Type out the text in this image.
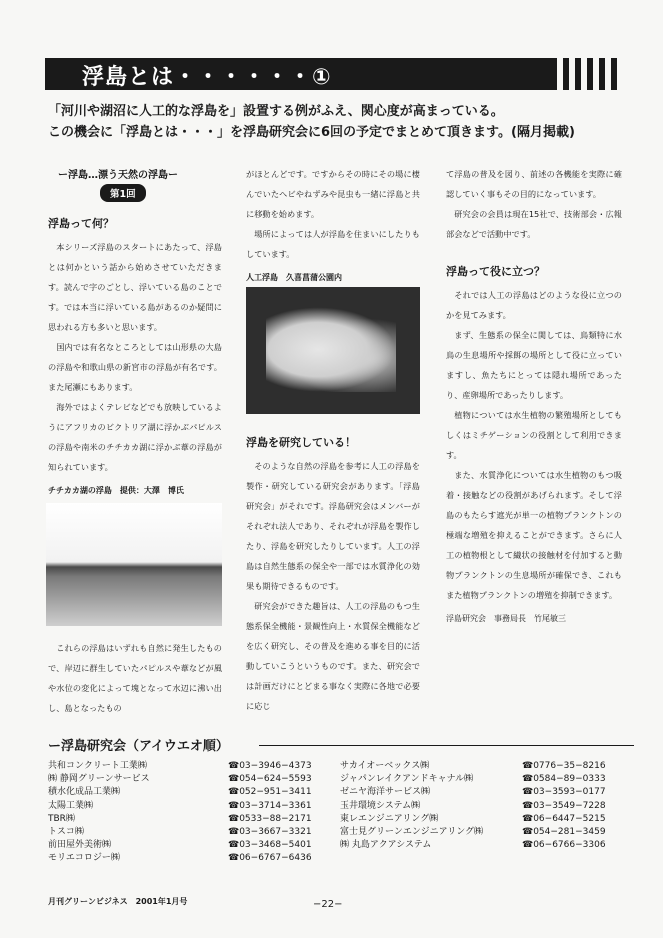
浮島とは・・・・・・①
「河川や湖沼に人工的な浮島を」設置する例がふえ、関心度が高まっている。
この機会に「浮島とは・・・」を浮島研究会に6回の予定でまとめて頂きます。(隔月掲載)
ー浮島…漂う天然の浮島ー
第1回
浮島って何？

本シリーズ浮島のスタートにあたって、浮島とは何かという話から始めさせていただきます。読んで字のごとし、浮いている島のことです。では本当に浮いている島があるのか疑問に思われる方も多いと思います。

国内では有名なところとしては山形県の大島の浮島や和歌山県の新宮市の浮島が有名です。また尾瀬にもあります。

海外ではよくテレビなどでも放映しているようにアフリカのビクトリア湖に浮かぶパピルスの浮島や南米のチチカカ湖に浮かぶ葦の浮島が知られています。

チチカカ湖の浮島　提供：大澤　博氏

これらの浮島はいずれも自然に発生したもので、岸辺に群生していたパピルスや葦などが風や水位の変化によって塊となって水辺に沸い出し、島となったもの

がほとんどです。ですからその時にその場に棲んでいたヘビやねずみや昆虫も一緒に浮島と共に移動を始めます。

場所によっては人が浮島を住まいにしたりもしています。

人工浮島　久喜菖蒲公園内
浮島を研究している！

そのような自然の浮島を参考に人工の浮島を製作・研究している研究会があります。「浮島研究会」がそれです。浮島研究会はメンバーがそれぞれ法人であり、それぞれが浮島を製作したり、浮島を研究したりしています。人工の浮島は自然生態系の保全や一部では水質浄化の効果も期待できるものです。

研究会ができた趣旨は、人工の浮島のもつ生態系保全機能・景観性向上・水質保全機能などを広く研究し、その普及を進める事を目的に活動していこうというものです。また、研究会では計画だけにとどまる事なく実際に各地で必要に応じ

て浮島の普及を図り、前述の各機能を実際に確認していく事もその目的になっています。

研究会の会員は現在15社で、技術部会・広報部会などで活動中です。

浮島って役に立つ？

それでは人工の浮島はどのような役に立つのかを見てみます。

まず、生態系の保全に関しては、鳥類特に水鳥の生息場所や採餌の場所として役に立っていますし、魚たちにとっては隠れ場所であったり、産卵場所であったりします。

植物については水生植物の繁殖場所としてもしくはミチゲーションの役割として利用できます。

また、水質浄化については水生植物のもつ吸着・接触などの役割があげられます。そして浮島のもたらす遮光が単一の植物プランクトンの極端な増殖を抑えることができます。さらに人工の植物根として繊状の接触材を付加すると動物プランクトンの生息場所が確保でき、これもまた植物プランクトンの増殖を抑制できます。

浮島研究会　事務局長　竹尾敏三
ー浮島研究会（アイウエオ順）
共和コンクリート工業㈱
㈱ 静岡グリーンサービス
積水化成品工業㈱
太陽工業㈱
TBR㈱
トスコ㈱
前田屋外美術㈱
モリエコロジー㈱
☎03−3946−4373
☎054−624−5593
☎052−951−3411
☎03−3714−3361
☎0533−88−2171
☎03−3667−3321
☎03−3468−5401
☎06−6767−6436
サカイオーベックス㈱
ジャパンレイクアンドキャナル㈱
ゼニヤ海洋サービス㈱
玉井環境システム㈱
東レエンジニアリング㈱
富士見グリーンエンジニアリング㈱
㈱ 丸島アクアシステム
☎0776−35−8216
☎0584−89−0333
☎03−3593−0177
☎03−3549−7228
☎06−6447−5215
☎054−281−3459
☎06−6766−3306
月刊グリーンビジネス　2001年1月号	−22−
